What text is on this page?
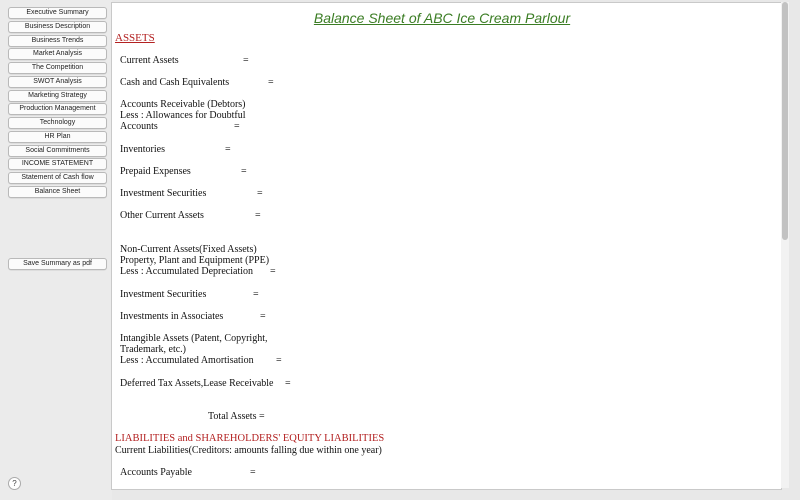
Executive Summary
Business Description
Business Trends
Market Analysis
The Competition
SWOT Analysis
Marketing Strategy
Production Management
Technology
HR Plan
Social Commitments
INCOME STATEMENT
Statement of Cash flow
Balance Sheet
Save Summary as pdf
?
Balance Sheet of ABC Ice Cream Parlour
ASSETS
Current Assets	=
Cash and Cash Equivalents	=
Accounts Receivable (Debtors)
Less : Allowances for Doubtful
Accounts	=
Inventories	=
Prepaid Expenses	=
Investment Securities	=
Other Current Assets	=
Non-Current Assets(Fixed Assets)
Property, Plant and Equipment (PPE)
Less : Accumulated Depreciation =
Investment Securities	=
Investments in Associates	=
Intangible Assets (Patent, Copyright,
Trademark, etc.)
Less : Accumulated Amortisation =
Deferred Tax Assets,Lease Receivable =
Total Assets =
LIABILITIES and SHAREHOLDERS' EQUITY LIABILITIES
Current Liabilities(Creditors: amounts falling due within one year)
Accounts Payable	=
